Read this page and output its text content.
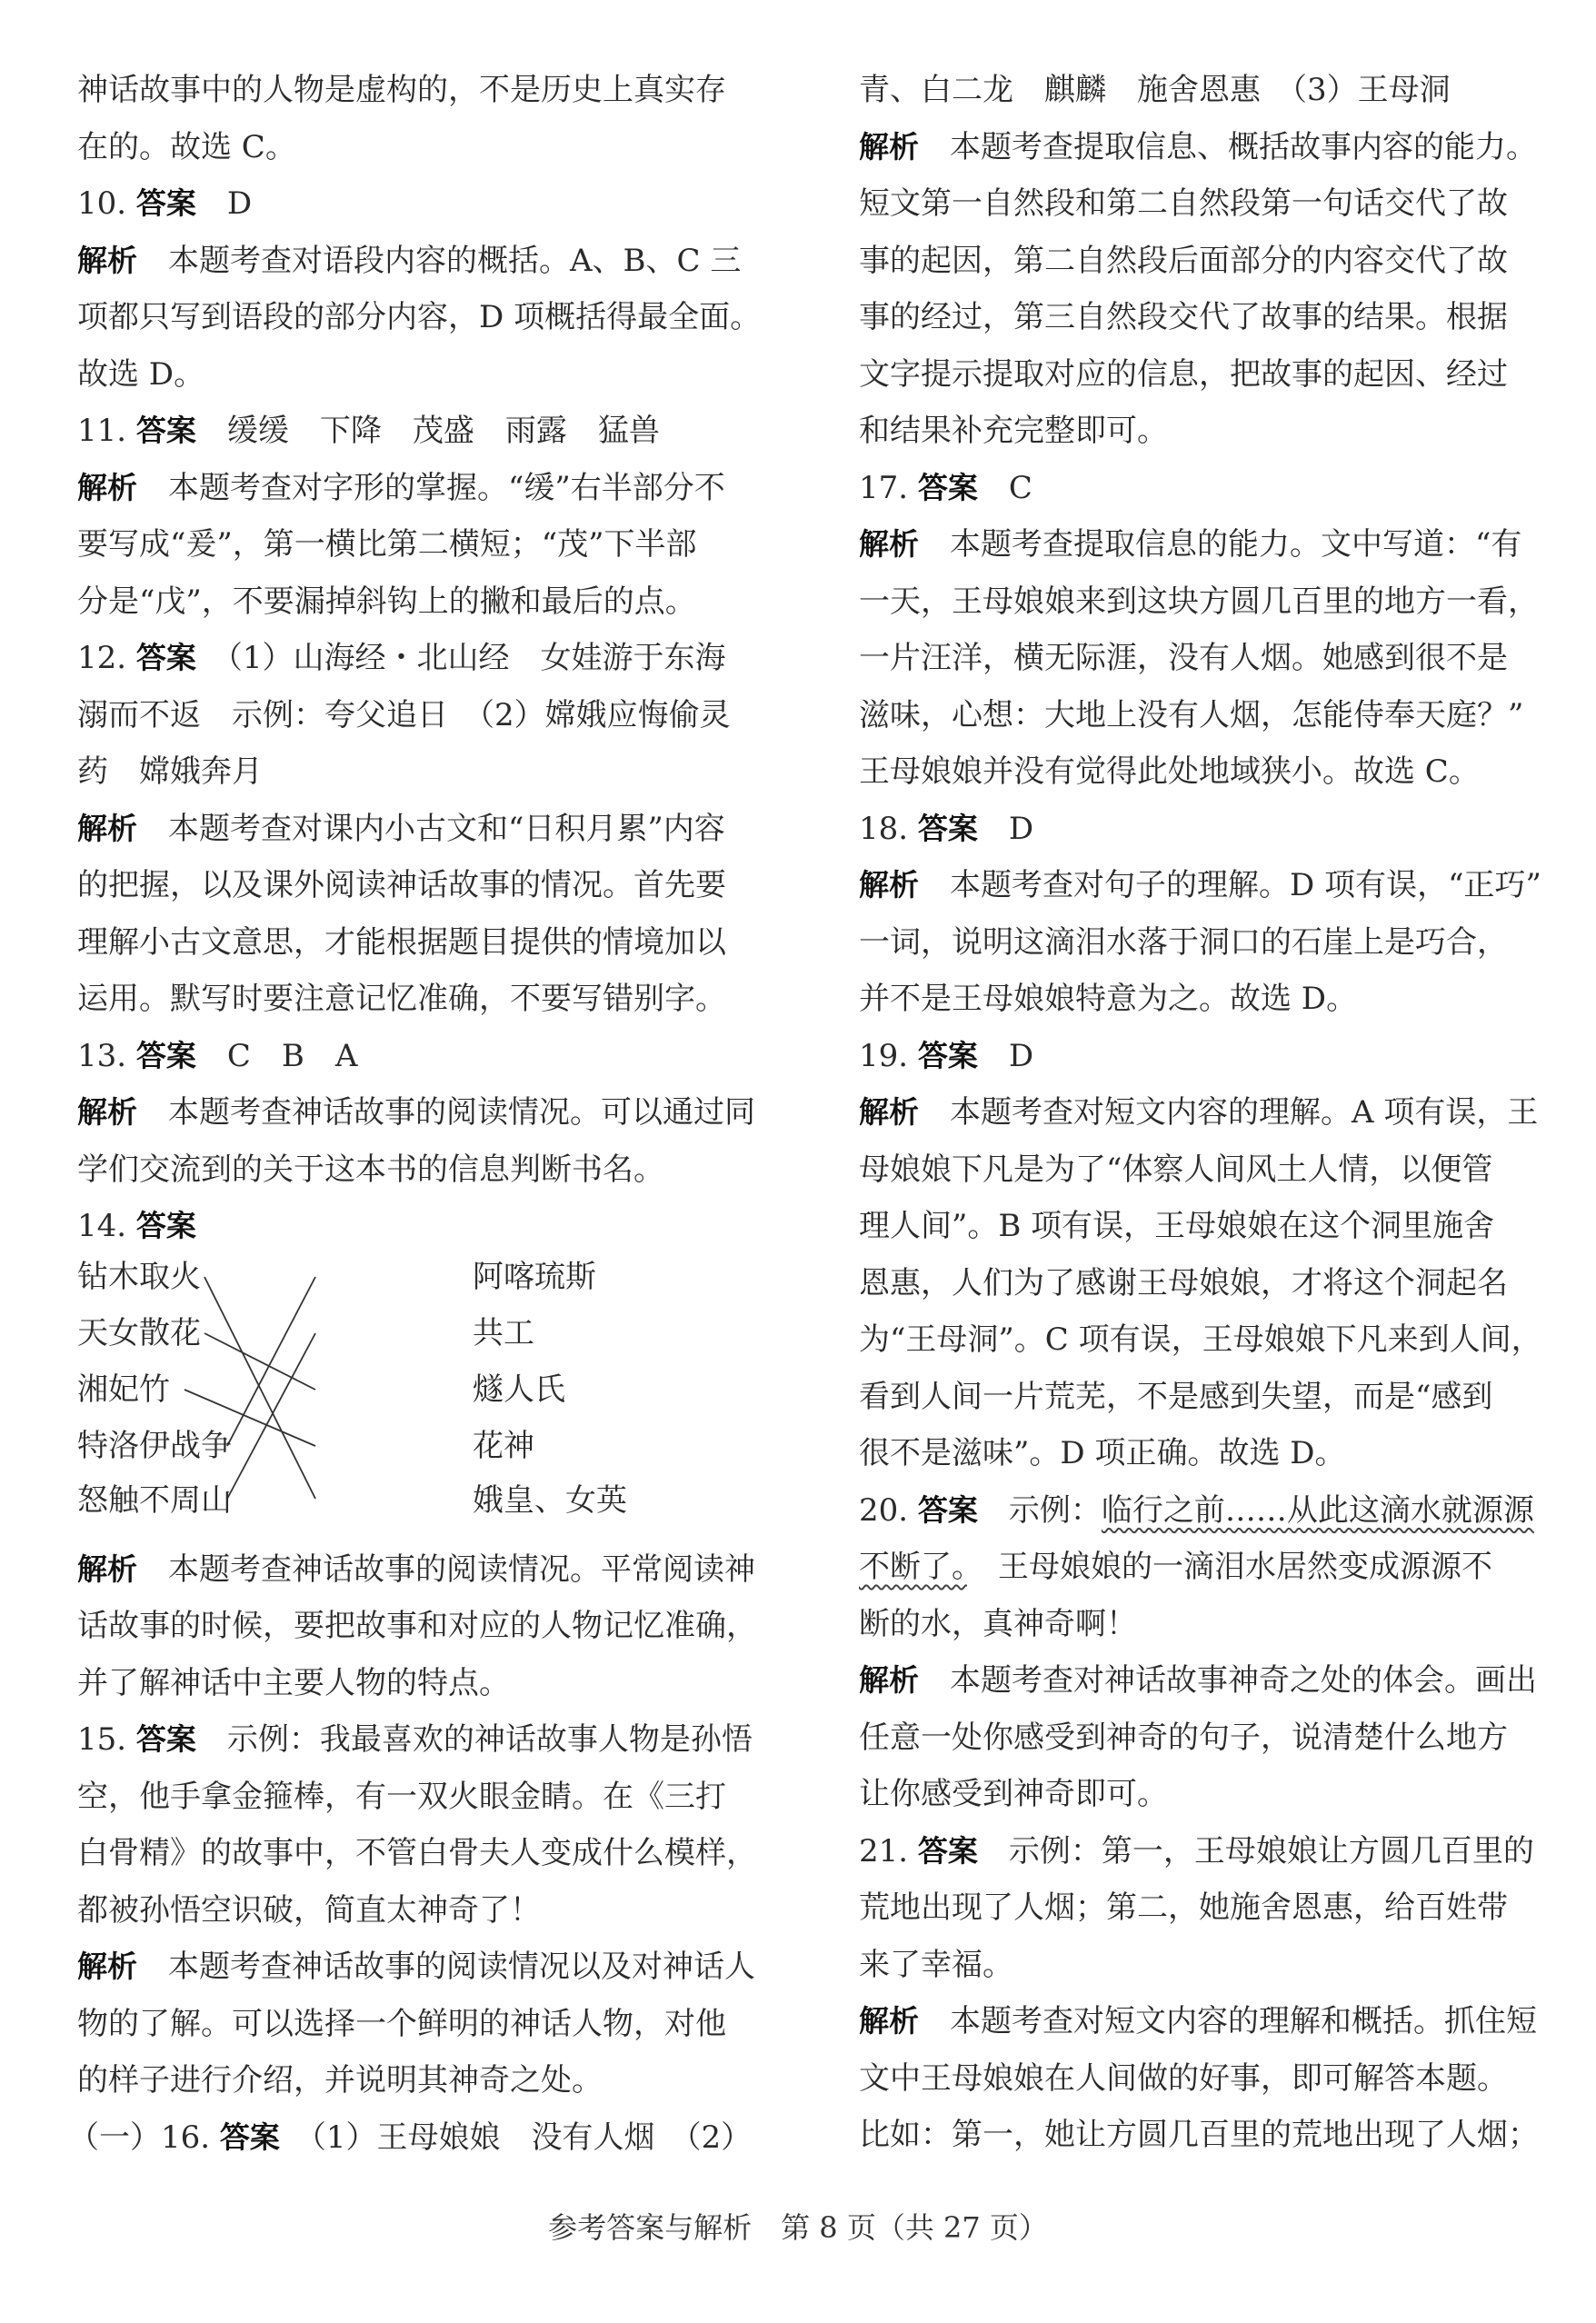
神话故事中的人物是虚构的，不是历史上真实存

在的。故选 C。

10. 答案　 D

解析　 本题考查对语段内容的概括。A、B、C 三

项都只写到语段的部分内容，D 项概括得最全面。

故选 D。

11. 答案　 缓缓　下降　茂盛　雨露　猛兽

解析　 本题考查对字形的掌握。“缓”右半部分不

要写成“爰”，第一横比第二横短；“茂”下半部

分是“戊”，不要漏掉斜钩上的撇和最后的点。

12. 答案　 （1）山海经・北山经　女娃游于东海

溺而不返　示例：夸父追日　（2）嫦娥应悔偷灵

药　嫦娥奔月

解析　 本题考查对课内小古文和“日积月累”内容

的把握，以及课外阅读神话故事的情况。首先要

理解小古文意思，才能根据题目提供的情境加以

运用。默写时要注意记忆准确，不要写错别字。

13. 答案　 C　B　A

解析　 本题考查神话故事的阅读情况。可以通过同

学们交流到的关于这本书的信息判断书名。

14. 答案

钻木取火
天女散花
湘妃竹
特洛伊战争
怒触不周山
阿喀琉斯
共工
燧人氏
花神
娥皇、女英

解析　 本题考查神话故事的阅读情况。平常阅读神

话故事的时候，要把故事和对应的人物记忆准确，

并了解神话中主要人物的特点。

15. 答案　 示例：我最喜欢的神话故事人物是孙悟

空，他手拿金箍棒，有一双火眼金睛。在《三打

白骨精》的故事中，不管白骨夫人变成什么模样，

都被孙悟空识破，简直太神奇了！

解析　 本题考查神话故事的阅读情况以及对神话人

物的了解。可以选择一个鲜明的神话人物，对他

的样子进行介绍，并说明其神奇之处。

（一）16. 答案　 （1）王母娘娘　没有人烟　（2）

青、白二龙　麒麟　施舍恩惠　（3）王母洞

解析　 本题考查提取信息、概括故事内容的能力。

短文第一自然段和第二自然段第一句话交代了故

事的起因，第二自然段后面部分的内容交代了故

事的经过，第三自然段交代了故事的结果。根据

文字提示提取对应的信息，把故事的起因、经过

和结果补充完整即可。

17. 答案　 C

解析　 本题考查提取信息的能力。文中写道：“有

一天，王母娘娘来到这块方圆几百里的地方一看，

一片汪洋，横无际涯，没有人烟。她感到很不是

滋味，心想：大地上没有人烟，怎能侍奉天庭？”

王母娘娘并没有觉得此处地域狭小。故选 C。

18. 答案　 D

解析　 本题考查对句子的理解。D 项有误，“正巧”

一词，说明这滴泪水落于洞口的石崖上是巧合，

并不是王母娘娘特意为之。故选 D。

19. 答案　 D

解析　 本题考查对短文内容的理解。A 项有误，王

母娘娘下凡是为了“体察人间风土人情，以便管

理人间”。B 项有误，王母娘娘在这个洞里施舍

恩惠，人们为了感谢王母娘娘，才将这个洞起名

为“王母洞”。C 项有误，王母娘娘下凡来到人间，

看到人间一片荒芜，不是感到失望，而是“感到

很不是滋味”。D 项正确。故选 D。

20. 答案　 示例：临行之前……从此这滴水就源源

不断了。　王母娘娘的一滴泪水居然变成源源不

断的水，真神奇啊！

解析　 本题考查对神话故事神奇之处的体会。画出

任意一处你感受到神奇的句子，说清楚什么地方

让你感受到神奇即可。

21. 答案　 示例：第一，王母娘娘让方圆几百里的

荒地出现了人烟；第二，她施舍恩惠，给百姓带

来了幸福。

解析　 本题考查对短文内容的理解和概括。抓住短

文中王母娘娘在人间做的好事，即可解答本题。

比如：第一，她让方圆几百里的荒地出现了人烟；

参考答案与解析　第 8 页（共 27 页）
